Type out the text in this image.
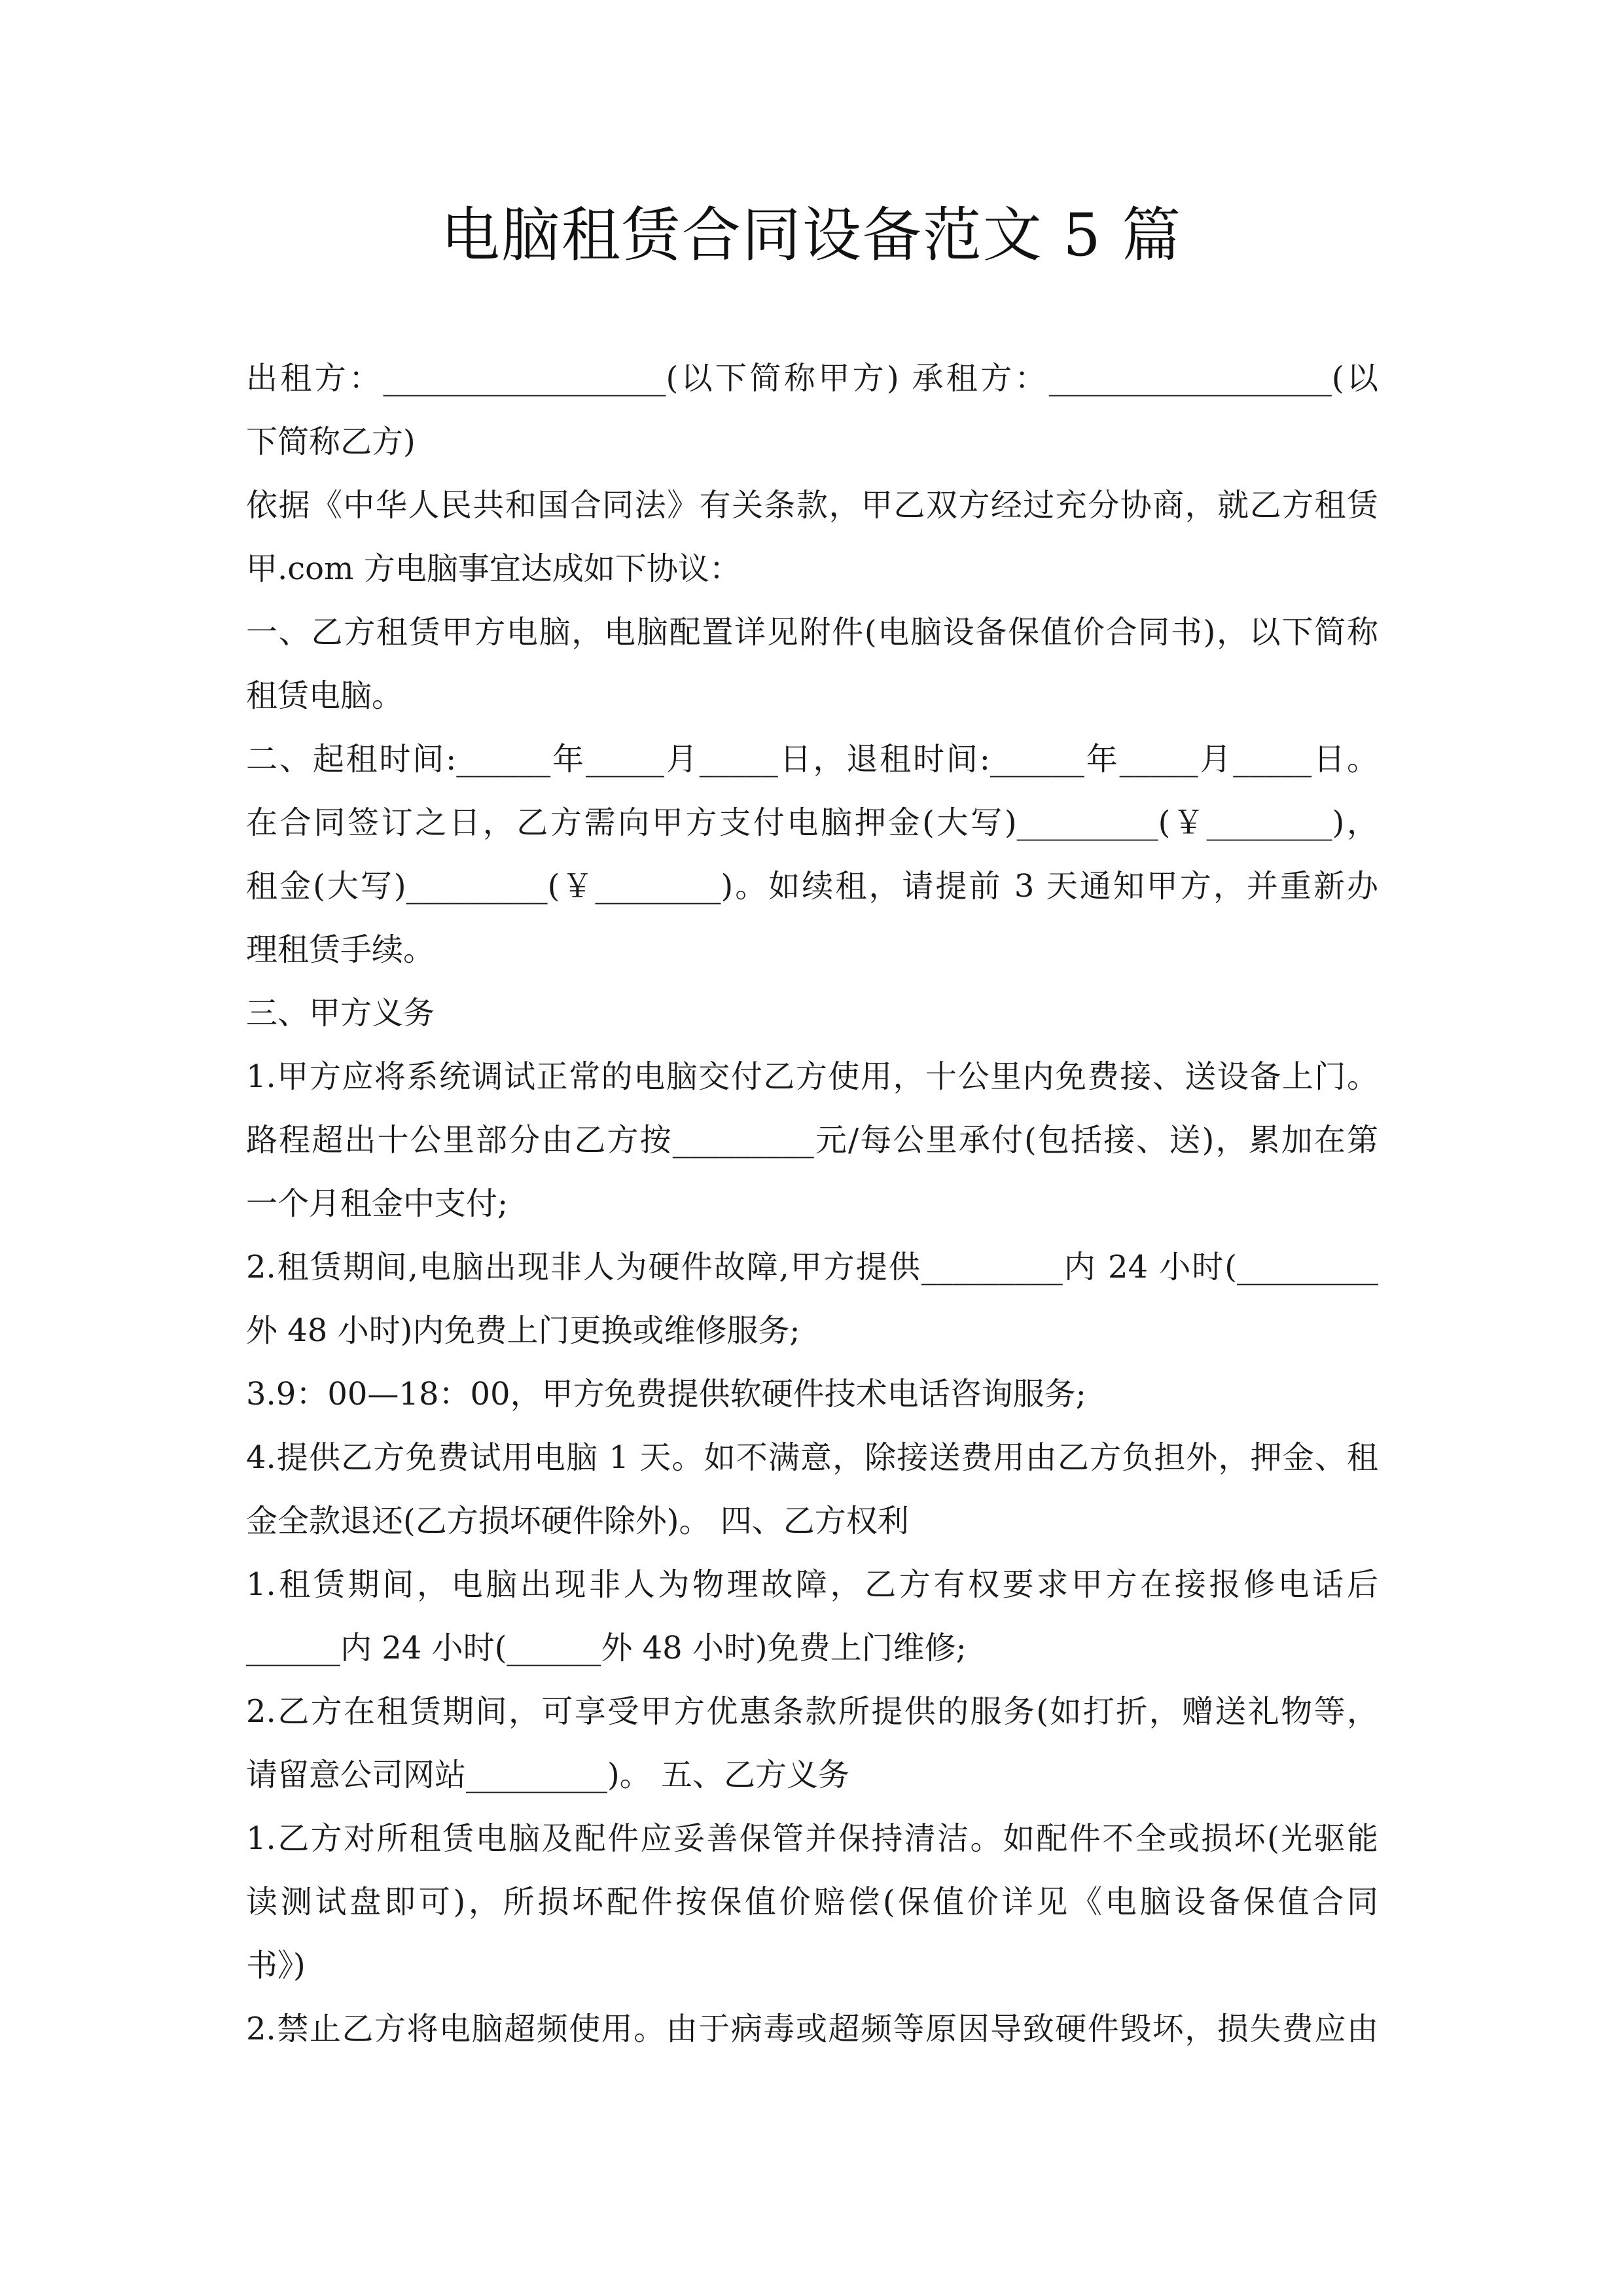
电脑租赁合同设备范文 5 篇
出租方：__________________(以下简称甲方) 承租方：__________________(以
下简称乙方)
依据《中华人民共和国合同法》有关条款，甲乙双方经过充分协商，就乙方租赁
甲.com 方电脑事宜达成如下协议：
一、乙方租赁甲方电脑，电脑配置详见附件(电脑设备保值价合同书)，以下简称
租赁电脑。
二、起租时间:______年_____月_____日，退租时间:______年_____月_____日。
在合同签订之日，乙方需向甲方支付电脑押金(大写)_________(￥________)，
租金(大写)_________(￥________)。如续租，请提前 3 天通知甲方，并重新办
理租赁手续。
三、甲方义务
1.甲方应将系统调试正常的电脑交付乙方使用，十公里内免费接、送设备上门。
路程超出十公里部分由乙方按_________元/每公里承付(包括接、送)，累加在第
一个月租金中支付;
2.租赁期间,电脑出现非人为硬件故障,甲方提供_________内 24 小时(_________
外 48 小时)内免费上门更换或维修服务;
3.9：00—18：00，甲方免费提供软硬件技术电话咨询服务;
4.提供乙方免费试用电脑 1 天。如不满意，除接送费用由乙方负担外，押金、租
金全款退还(乙方损坏硬件除外)。 四、乙方权利
1.租赁期间，电脑出现非人为物理故障，乙方有权要求甲方在接报修电话后
______内 24 小时(______外 48 小时)免费上门维修;
2.乙方在租赁期间，可享受甲方优惠条款所提供的服务(如打折，赠送礼物等，
请留意公司网站_________)。 五、乙方义务
1.乙方对所租赁电脑及配件应妥善保管并保持清洁。如配件不全或损坏(光驱能
读测试盘即可)，所损坏配件按保值价赔偿(保值价详见《电脑设备保值合同
书》)
2.禁止乙方将电脑超频使用。由于病毒或超频等原因导致硬件毁坏，损失费应由
